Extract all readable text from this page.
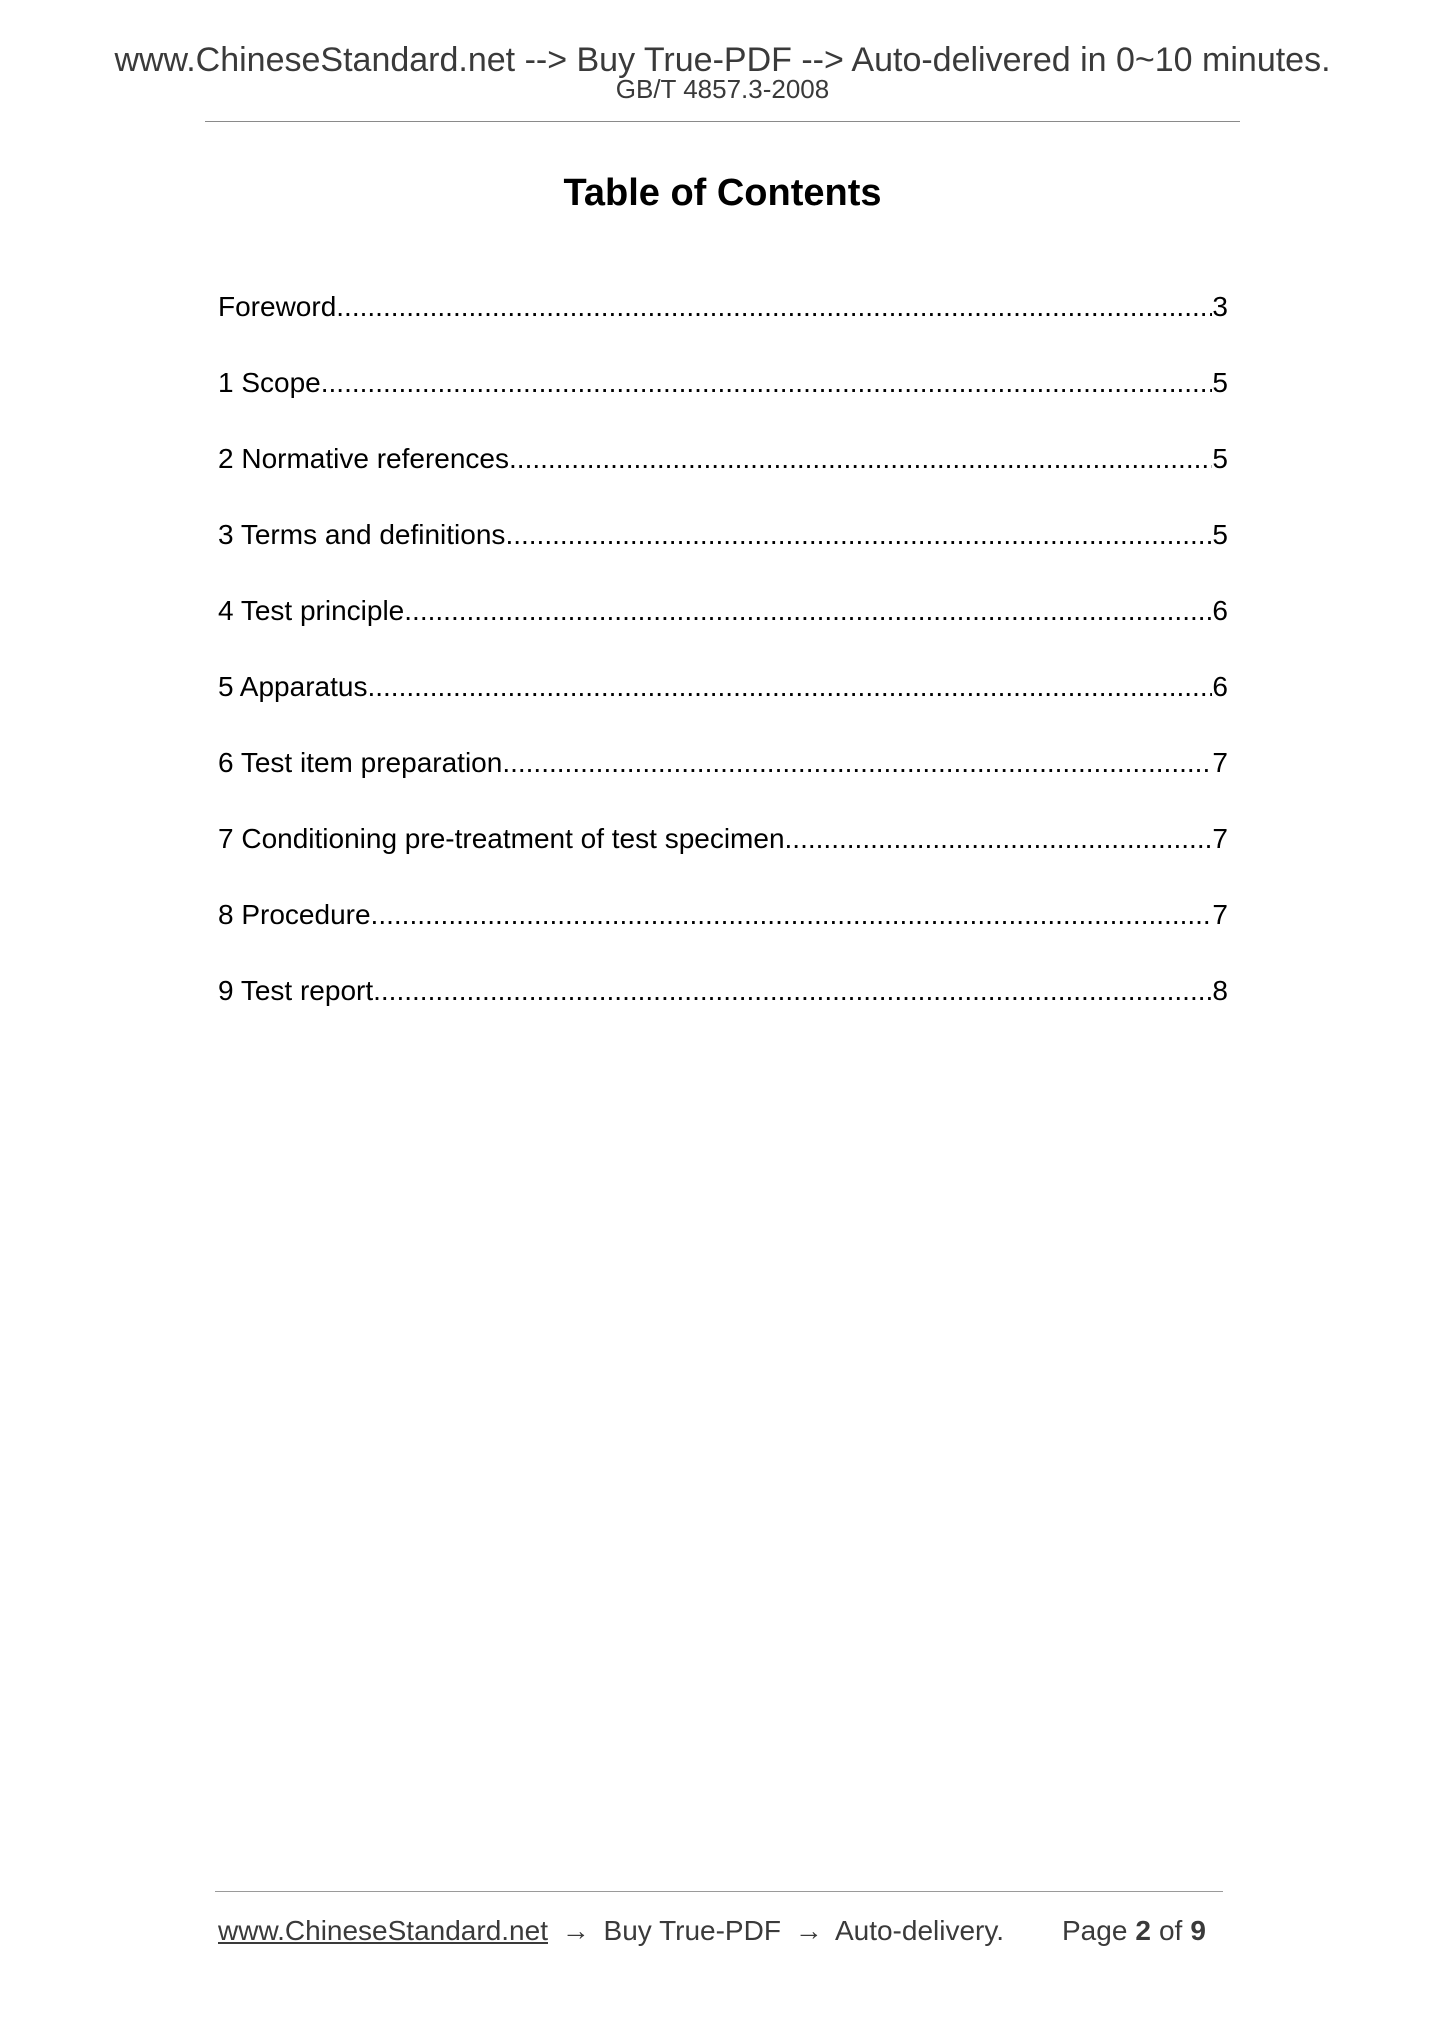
www.ChineseStandard.net --> Buy True-PDF --> Auto-delivered in 0~10 minutes.
GB/T 4857.3-2008
Table of Contents
Foreword .....	3
1 Scope .....	5
2 Normative references .....	5
3 Terms and definitions .....	5
4 Test principle .....	6
5 Apparatus .....	6
6 Test item preparation .....	7
7 Conditioning pre-treatment of test specimen .....	7
8 Procedure .....	7
9 Test report .....	8
www.ChineseStandard.net → Buy True-PDF → Auto-delivery. Page 2 of 9
